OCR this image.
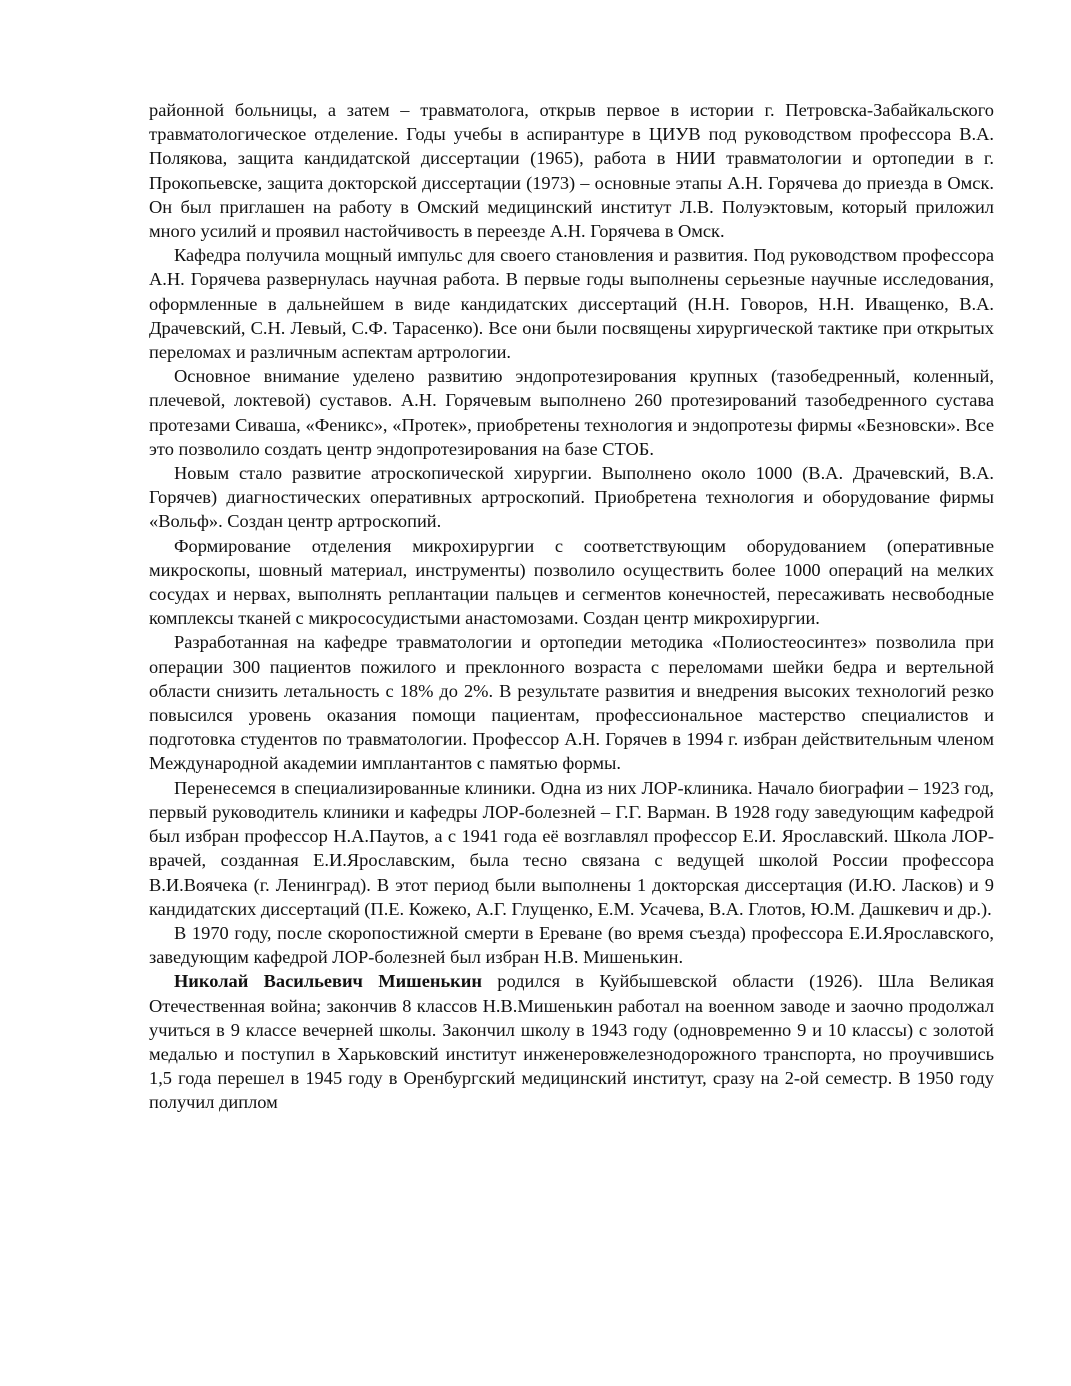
районной больницы, а затем – травматолога, открыв первое в истории г. Петровска-Забайкальского травматологическое отделение. Годы учебы в аспирантуре в ЦИУВ под руководством профессора В.А. Полякова, защита кандидатской диссертации (1965), работа в НИИ травматологии и ортопедии в г. Прокопьевске, защита докторской диссертации (1973) – основные этапы А.Н. Горячева до приезда в Омск. Он был приглашен на работу в Омский медицинский институт Л.В. Полуэктовым, который приложил много усилий и проявил настойчивость в переезде А.Н. Горячева в Омск.

Кафедра получила мощный импульс для своего становления и развития. Под руководством профессора А.Н. Горячева развернулась научная работа. В первые годы выполнены серьезные научные исследования, оформленные в дальнейшем в виде кандидатских диссертаций (Н.Н. Говоров, Н.Н. Иващенко, В.А. Драчевский, С.Н. Левый, С.Ф. Тарасенко). Все они были посвящены хирургической тактике при открытых переломах и различным аспектам артрологии.

Основное внимание уделено развитию эндопротезирования крупных (тазобедренный, коленный, плечевой, локтевой) суставов. А.Н. Горячевым выполнено 260 протезирований тазобедренного сустава протезами Сиваша, «Феникс», «Протек», приобретены технология и эндопротезы фирмы «Безновски». Все это позволило создать центр эндопротезирования на базе СТОБ.

Новым стало развитие атроскопической хирургии. Выполнено около 1000 (В.А. Драчевский, В.А. Горячев) диагностических оперативных артроскопий. Приобретена технология и оборудование фирмы «Вольф». Создан центр артроскопий.

Формирование отделения микрохирургии с соответствующим оборудованием (оперативные микроскопы, шовный материал, инструменты) позволило осуществить более 1000 операций на мелких сосудах и нервах, выполнять реплантации пальцев и сегментов конечностей, пересаживать несвободные комплексы тканей с микрососудистыми анастомозами. Создан центр микрохирургии.

Разработанная на кафедре травматологии и ортопедии методика «Полиостеосинтез» позволила при операции 300 пациентов пожилого и преклонного возраста с переломами шейки бедра и вертельной области снизить летальность с 18% до 2%. В результате развития и внедрения высоких технологий резко повысился уровень оказания помощи пациентам, профессиональное мастерство специалистов и подготовка студентов по травматологии. Профессор А.Н. Горячев в 1994 г. избран действительным членом Международной академии имплантантов с памятью формы.

Перенесемся в специализированные клиники. Одна из них ЛОР-клиника. Начало биографии – 1923 год, первый руководитель клиники и кафедры ЛОР-болезней – Г.Г. Варман. В 1928 году заведующим кафедрой был избран профессор Н.А.Паутов, а с 1941 года её возглавлял профессор Е.И. Ярославский. Школа ЛОР-врачей, созданная Е.И.Ярославским, была тесно связана с ведущей школой России профессора В.И.Воячека (г. Ленинград). В этот период были выполнены 1 докторская диссертация (И.Ю. Ласков) и 9 кандидатских диссертаций (П.Е. Кожеко, А.Г. Глущенко, Е.М. Усачева, В.А. Глотов, Ю.М. Дашкевич и др.).

В 1970 году, после скоропостижной смерти в Ереване (во время съезда) профессора Е.И.Ярославского, заведующим кафедрой ЛОР-болезней был избран Н.В. Мишенькин.

Николай Васильевич Мишенькин родился в Куйбышевской области (1926). Шла Великая Отечественная война; закончив 8 классов Н.В.Мишенькин работал на военном заводе и заочно продолжал учиться в 9 классе вечерней школы. Закончил школу в 1943 году (одновременно 9 и 10 классы) с золотой медалью и поступил в Харьковский институт инженеровжелезнодорожного транспорта, но проучившись 1,5 года перешел в 1945 году в Оренбургский медицинский институт, сразу на 2-ой семестр. В 1950 году получил диплом
